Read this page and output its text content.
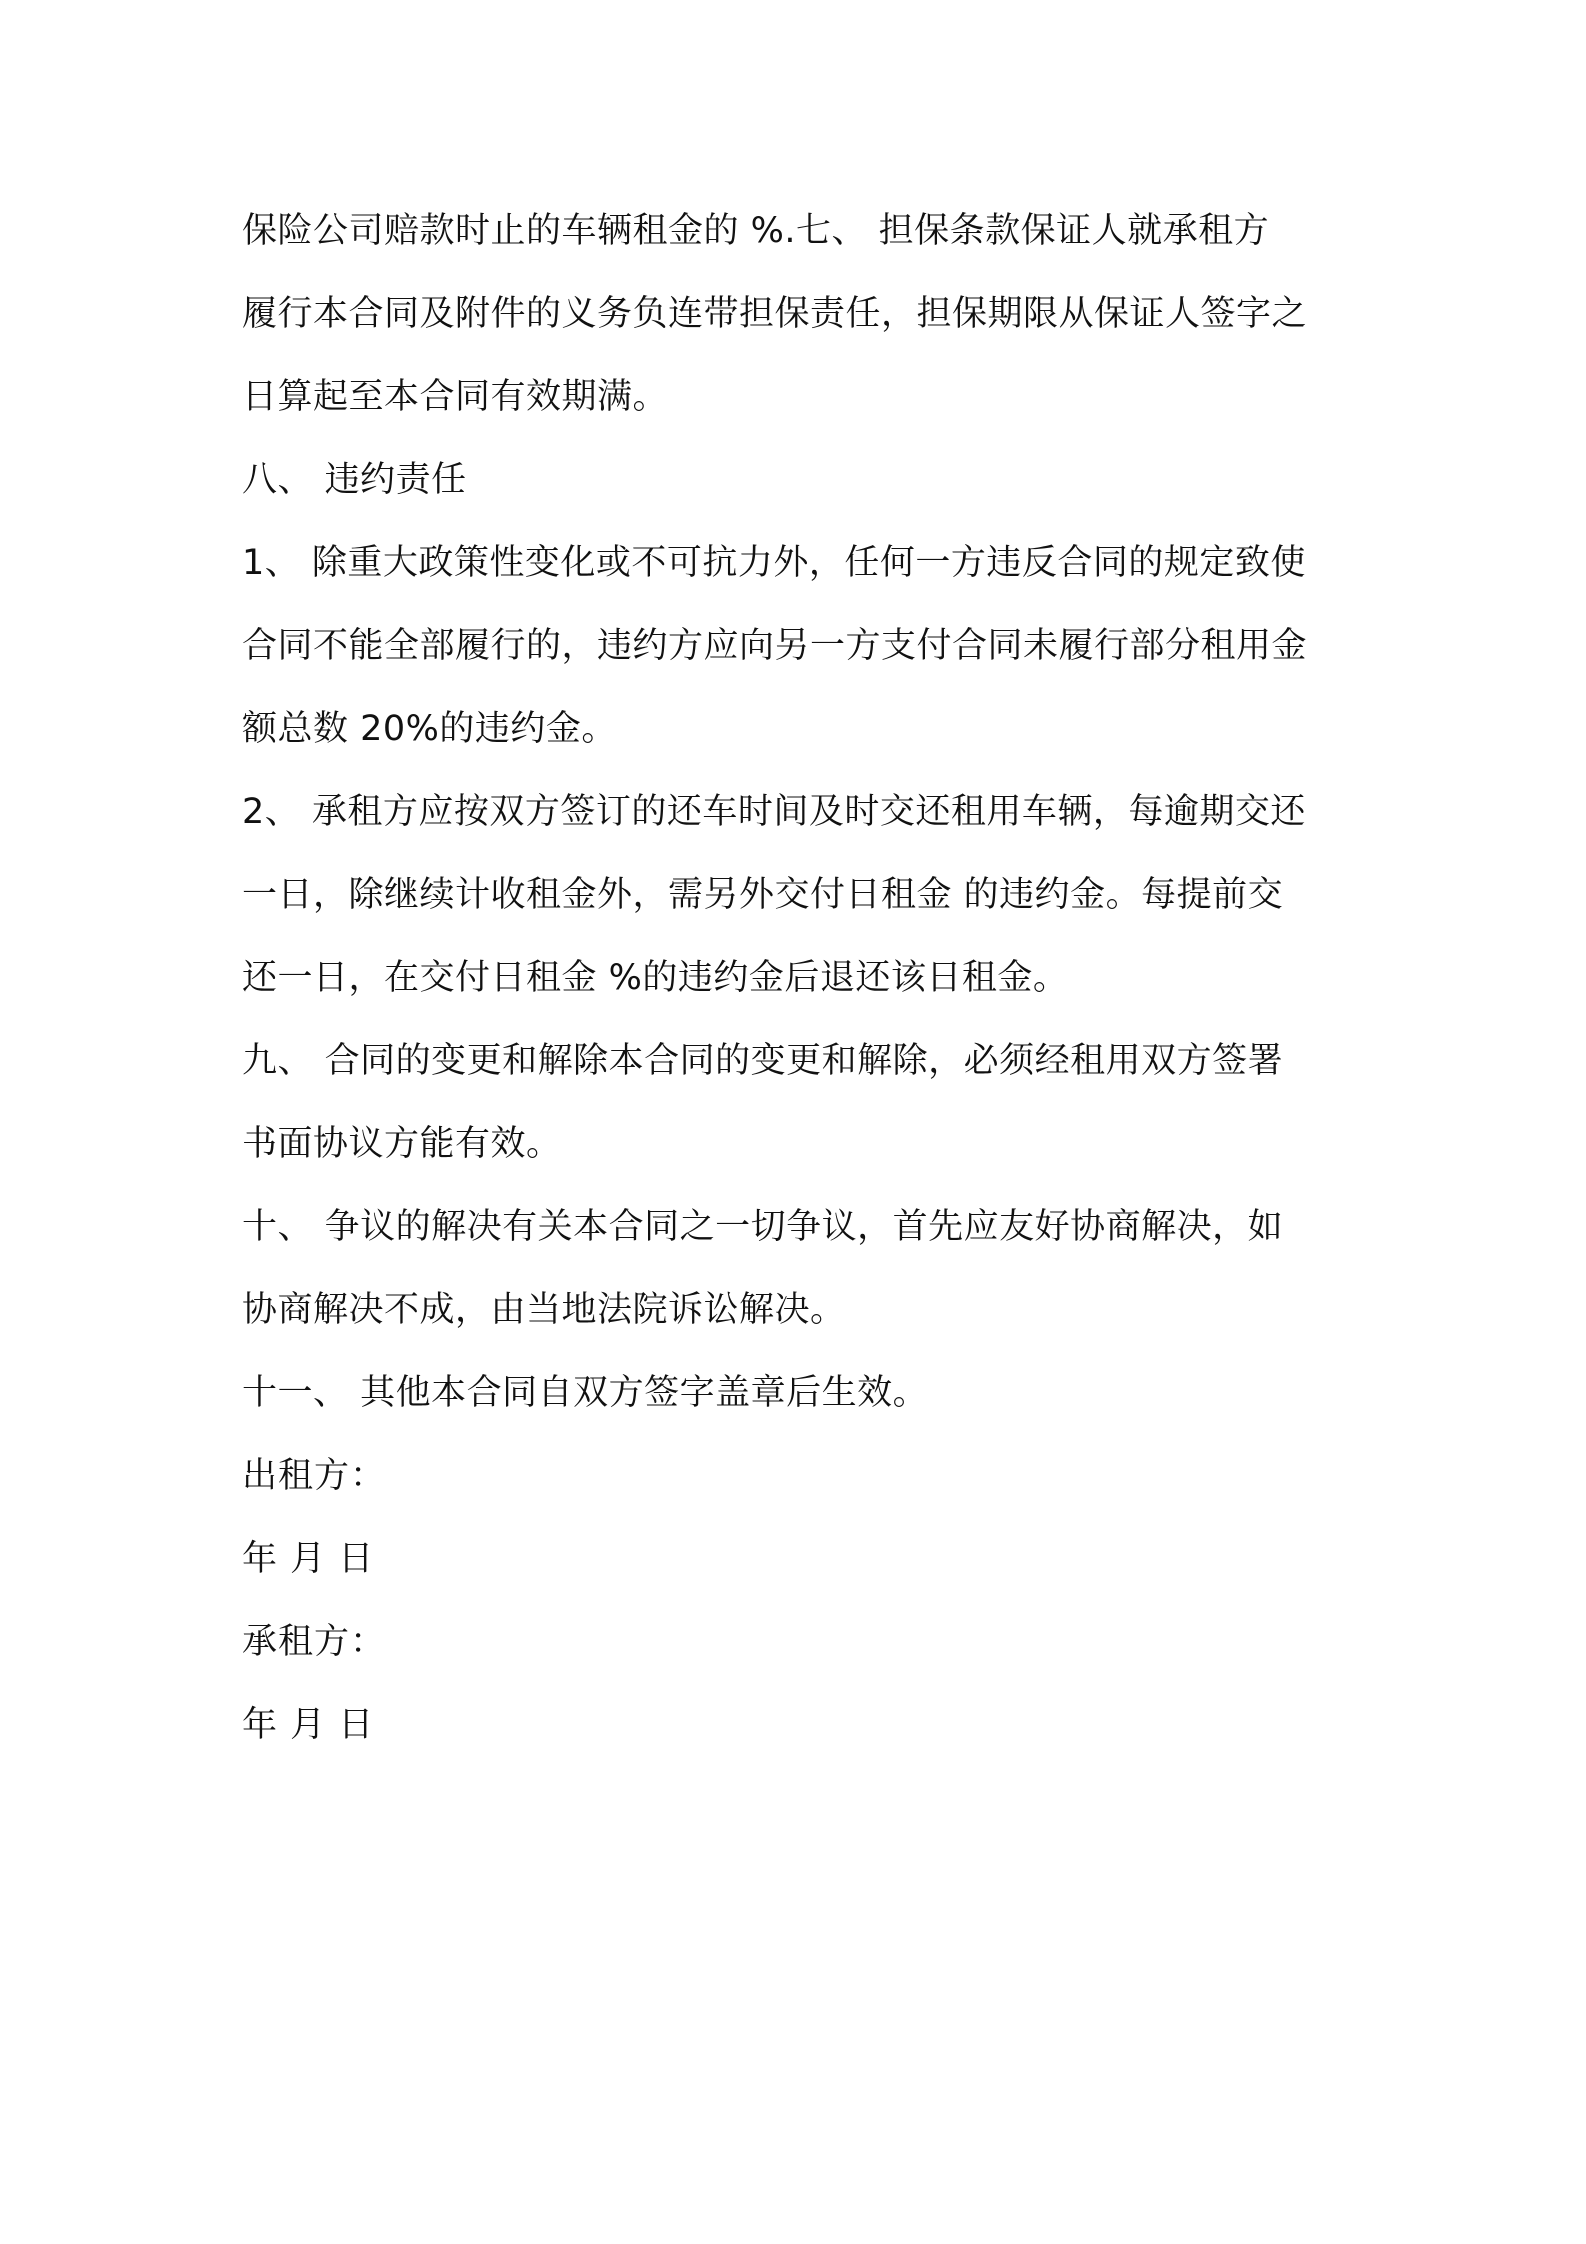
保险公司赔款时止的车辆租金的 %.七、 担保条款保证人就承租方
履行本合同及附件的义务负连带担保责任，担保期限从保证人签字之
日算起至本合同有效期满。
八、 违约责任
1、 除重大政策性变化或不可抗力外，任何一方违反合同的规定致使
合同不能全部履行的，违约方应向另一方支付合同未履行部分租用金
额总数 20%的违约金。
2、 承租方应按双方签订的还车时间及时交还租用车辆，每逾期交还
一日，除继续计收租金外，需另外交付日租金 的违约金。每提前交
还一日，在交付日租金 %的违约金后退还该日租金。
九、 合同的变更和解除本合同的变更和解除，必须经租用双方签署
书面协议方能有效。
十、 争议的解决有关本合同之一切争议，首先应友好协商解决，如
协商解决不成，由当地法院诉讼解决。
十一、 其他本合同自双方签字盖章后生效。
出租方：
年 月 日
承租方：
年 月 日
